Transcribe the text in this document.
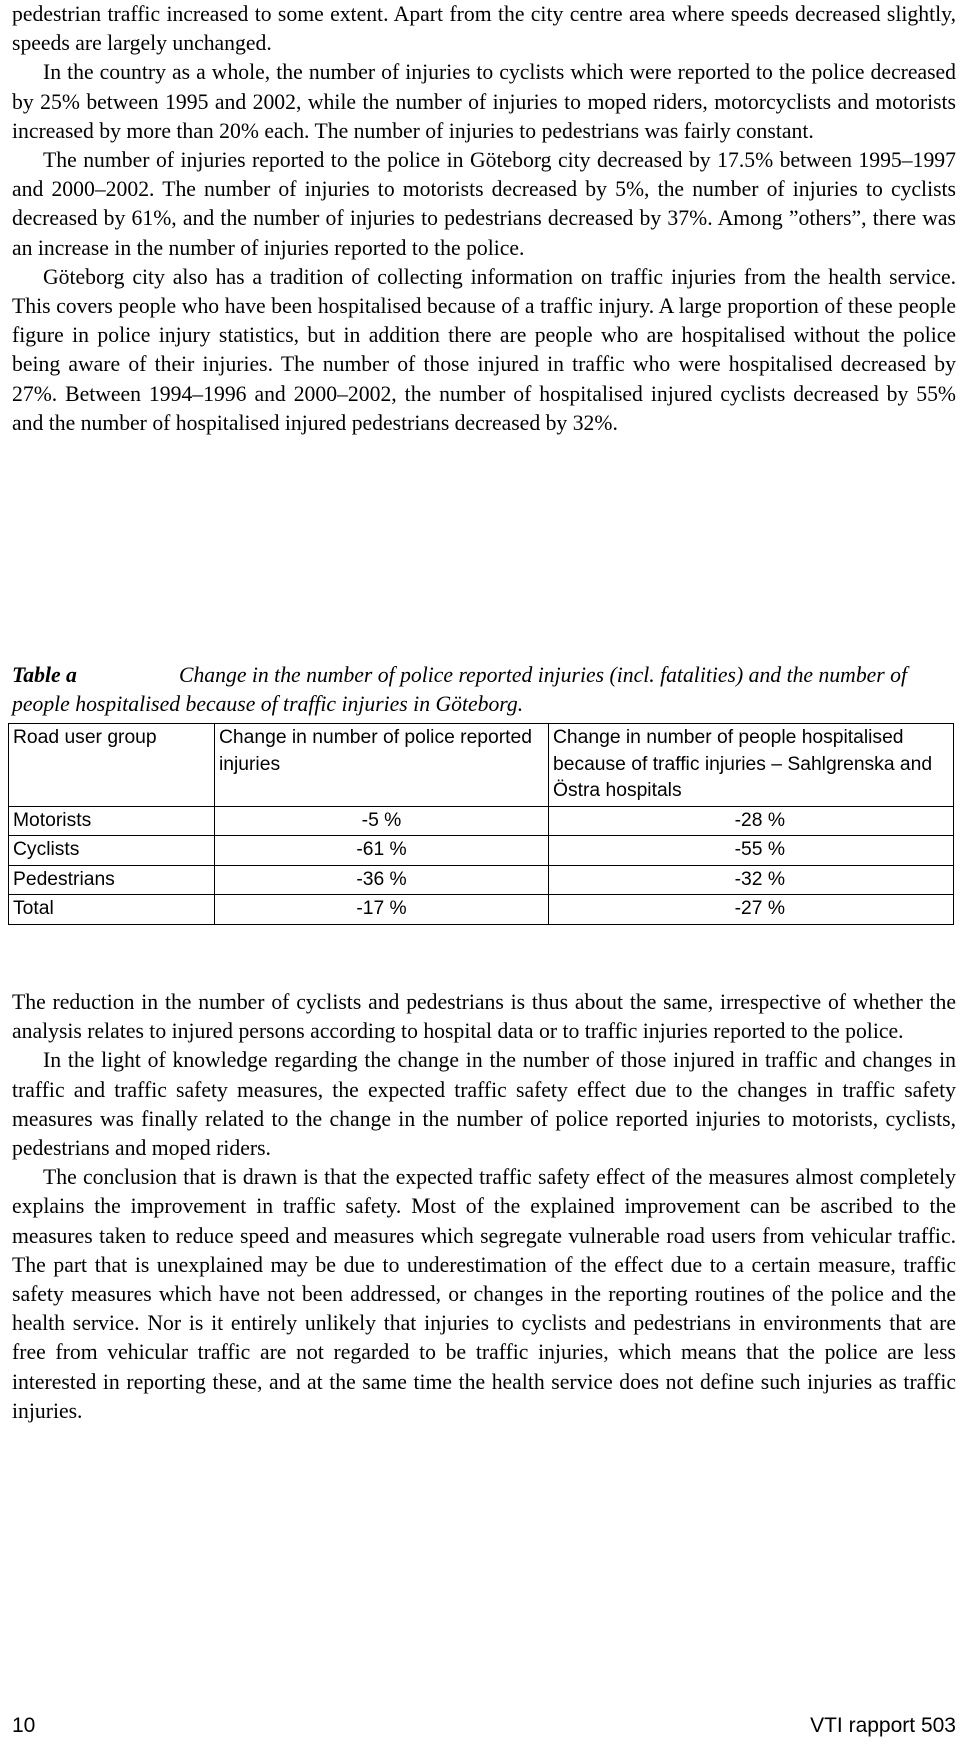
pedestrian traffic increased to some extent. Apart from the city centre area where speeds decreased slightly, speeds are largely unchanged.

In the country as a whole, the number of injuries to cyclists which were reported to the police decreased by 25% between 1995 and 2002, while the number of injuries to moped riders, motorcyclists and motorists increased by more than 20% each. The number of injuries to pedestrians was fairly constant.

The number of injuries reported to the police in Göteborg city decreased by 17.5% between 1995–1997 and 2000–2002. The number of injuries to motorists decreased by 5%, the number of injuries to cyclists decreased by 61%, and the number of injuries to pedestrians decreased by 37%. Among ”others”, there was an increase in the number of injuries reported to the police.

Göteborg city also has a tradition of collecting information on traffic injuries from the health service. This covers people who have been hospitalised because of a traffic injury. A large proportion of these people figure in police injury statistics, but in addition there are people who are hospitalised without the police being aware of their injuries. The number of those injured in traffic who were hospitalised decreased by 27%. Between 1994–1996 and 2000–2002, the number of hospitalised injured cyclists decreased by 55% and the number of hospitalised injured pedestrians decreased by 32%.

Table a	Change in the number of police reported injuries (incl. fatalities) and the number of people hospitalised because of traffic injuries in Göteborg.
Road user group	Change in number of police reported injuries	Change in number of people hospitalised because of traffic injuries – Sahlgrenska and Östra hospitals
Motorists	-5 %	-28 %
Cyclists	-61 %	-55 %
Pedestrians	-36 %	-32 %
Total	-17 %	-27 %

The reduction in the number of cyclists and pedestrians is thus about the same, irrespective of whether the analysis relates to injured persons according to hospital data or to traffic injuries reported to the police.

In the light of knowledge regarding the change in the number of those injured in traffic and changes in traffic and traffic safety measures, the expected traffic safety effect due to the changes in traffic safety measures was finally related to the change in the number of police reported injuries to motorists, cyclists, pedestrians and moped riders.

The conclusion that is drawn is that the expected traffic safety effect of the measures almost completely explains the improvement in traffic safety. Most of the explained improvement can be ascribed to the measures taken to reduce speed and measures which segregate vulnerable road users from vehicular traffic. The part that is unexplained may be due to underestimation of the effect due to a certain measure, traffic safety measures which have not been addressed, or changes in the reporting routines of the police and the health service. Nor is it entirely unlikely that injuries to cyclists and pedestrians in environments that are free from vehicular traffic are not regarded to be traffic injuries, which means that the police are less interested in reporting these, and at the same time the health service does not define such injuries as traffic injuries.

10	VTI rapport 503
